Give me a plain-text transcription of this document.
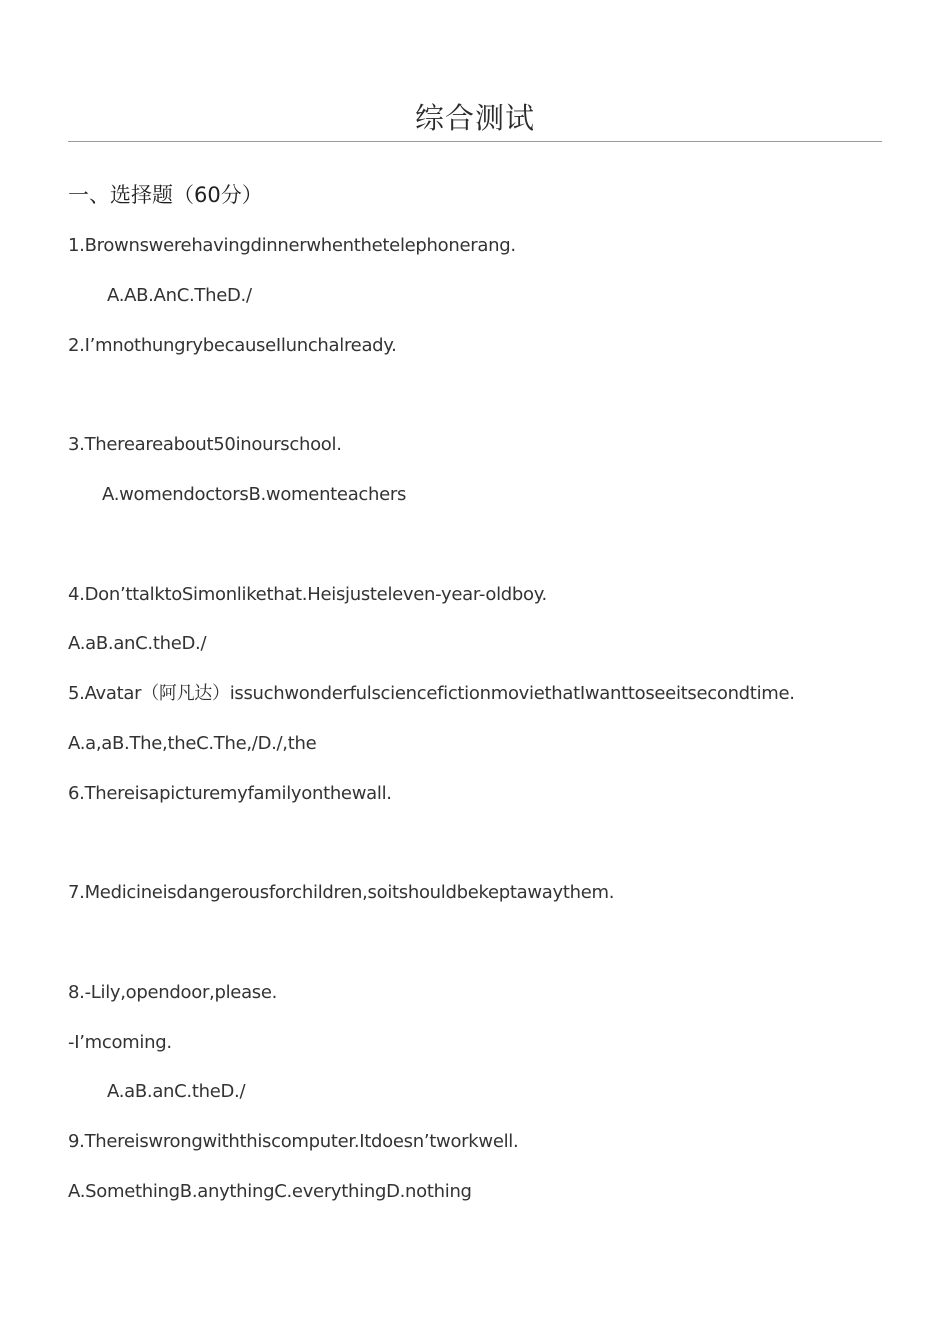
综合测试
一、选择题（60分）
1.Brownswerehavingdinnerwhenthetelephonerang.
A.AB.AnC.TheD./
2.I’mnothungrybecauseIlunchalready.
3.Thereareabout50inourschool.
A.womendoctorsB.womenteachers
4.Don’ttalktoSimonlikethat.Heisjusteleven-year-oldboy.
A.aB.anC.theD./
5.Avatar（阿凡达）issuchwonderfulsciencefictionmoviethatIwanttoseeitsecondtime.
A.a,aB.The,theC.The,/D./,the
6.Thereisapicturemyfamilyonthewall.
7.Medicineisdangerousforchildren,soitshouldbekeptawaythem.
8.-Lily,opendoor,please.
-I’mcoming.
A.aB.anC.theD./
9.Thereiswrongwiththiscomputer.Itdoesn’tworkwell.
A.SomethingB.anythingC.everythingD.nothing
